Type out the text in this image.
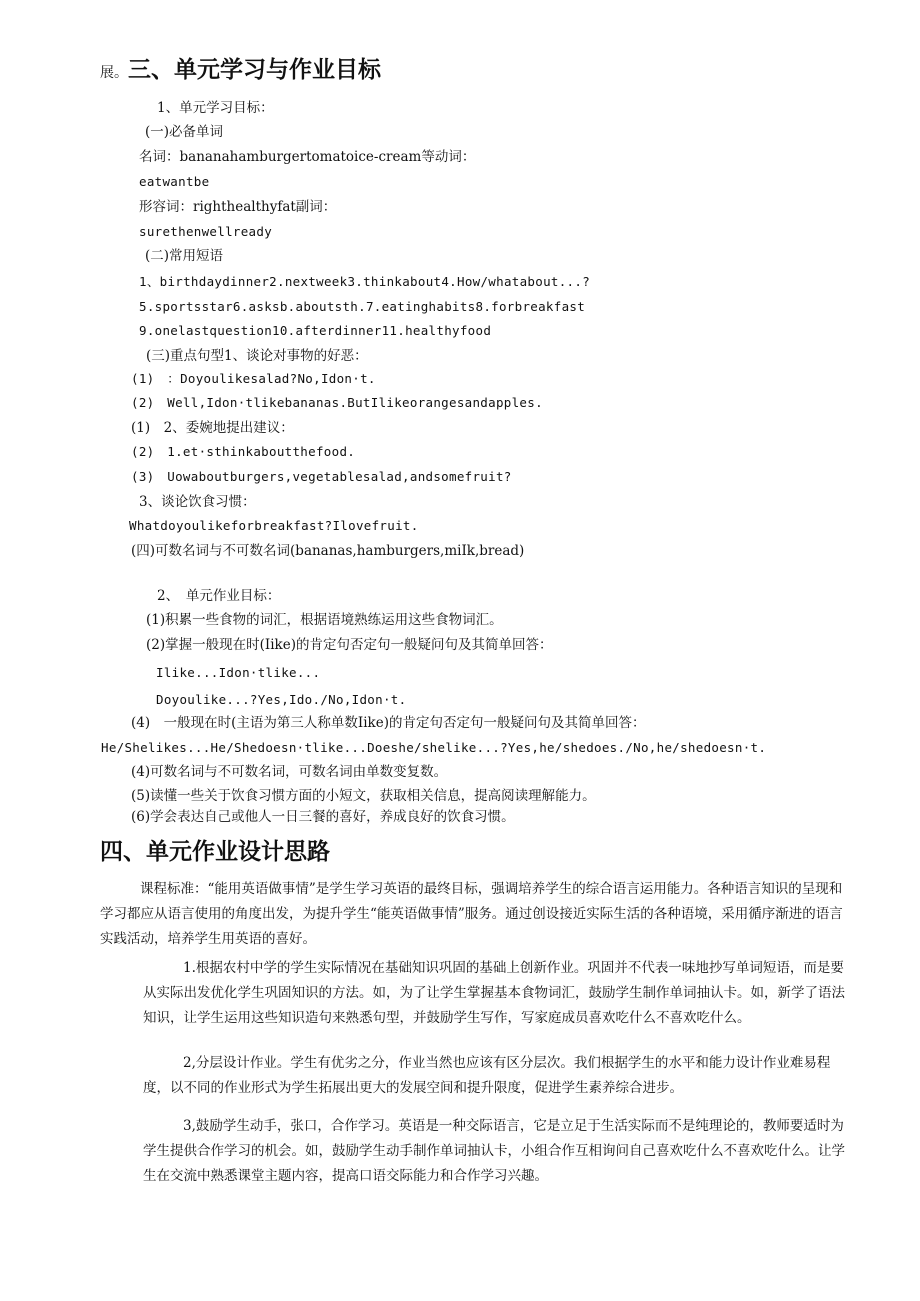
展。三、单元学习与作业目标
1、单元学习目标：
(一)必备单词
名词：bananahamburgertomatoice-cream等动词：
eatwantbe
形容词：righthealthyfat副词：
surethenwellready
(二)常用短语
1、birthdaydinner2.nextweek3.thinkabout4.How/whatabout...?
5.sportsstar6.asksb.aboutsth.7.eatinghabits8.forbreakfast
9.onelastquestion10.afterdinner11.healthyfood
(三)重点句型1、谈论对事物的好恶：
(1)　：Doyoulikesalad?No,Idon·t.
(2)　Well,Idon·tlikebananas.ButIlikeorangesandapples.
(1)　2、委婉地提出建议：
(2)　1.et·sthinkaboutthefood.
(3)　Uowaboutburgers,vegetablesalad,andsomefruit?
3、谈论饮食习惯：
Whatdoyoulikeforbreakfast?Ilovefruit.
(四)可数名词与不可数名词(bananas,hamburgers,miIk,bread)
2、　单元作业目标：
(1)积累一些食物的词汇，根据语境熟练运用这些食物词汇。
(2)掌握一般现在时(Iike)的肯定句否定句一般疑问句及其简单回答：
Ilike...Idon·tlike...
Doyoulike...?Yes,Ido./No,Idon·t.
(4)　一般现在时(主语为第三人称单数Iike)的肯定句否定句一般疑问句及其简单回答：
He/Shelikes...He/Shedoesn·tlike...Doeshe/shelike...?Yes,he/shedoes./No,he/shedoesn·t.
(4)可数名词与不可数名词，可数名词由单数变复数。
(5)读懂一些关于饮食习惯方面的小短文，获取相关信息，提高阅读理解能力。
(6)学会表达自己或他人一日三餐的喜好，养成良好的饮食习惯。
四、单元作业设计思路
课程标准：“能用英语做事情”是学生学习英语的最终目标，强调培养学生的综合语言运用能力。各种语言知识的呈现和学习都应从语言使用的角度出发，为提升学生“能英语做事情”服务。通过创设接近实际生活的各种语境，采用循序渐进的语言实践活动，培养学生用英语的喜好。
1.根据农村中学的学生实际情况在基础知识巩固的基础上创新作业。巩固并不代表一味地抄写单词短语，而是要从实际出发优化学生巩固知识的方法。如，为了让学生掌握基本食物词汇，鼓励学生制作单词抽认卡。如，新学了语法知识，让学生运用这些知识造句来熟悉句型，并鼓励学生写作，写家庭成员喜欢吃什么不喜欢吃什么。
2,分层设计作业。学生有优劣之分，作业当然也应该有区分层次。我们根据学生的水平和能力设计作业难易程度，以不同的作业形式为学生拓展出更大的发展空间和提升限度，促进学生素养综合进步。
3,鼓励学生动手，张口，合作学习。英语是一种交际语言，它是立足于生活实际而不是纯理论的，教师要适时为学生提供合作学习的机会。如，鼓励学生动手制作单词抽认卡，小组合作互相询问自己喜欢吃什么不喜欢吃什么。让学生在交流中熟悉课堂主题内容，提高口语交际能力和合作学习兴趣。
